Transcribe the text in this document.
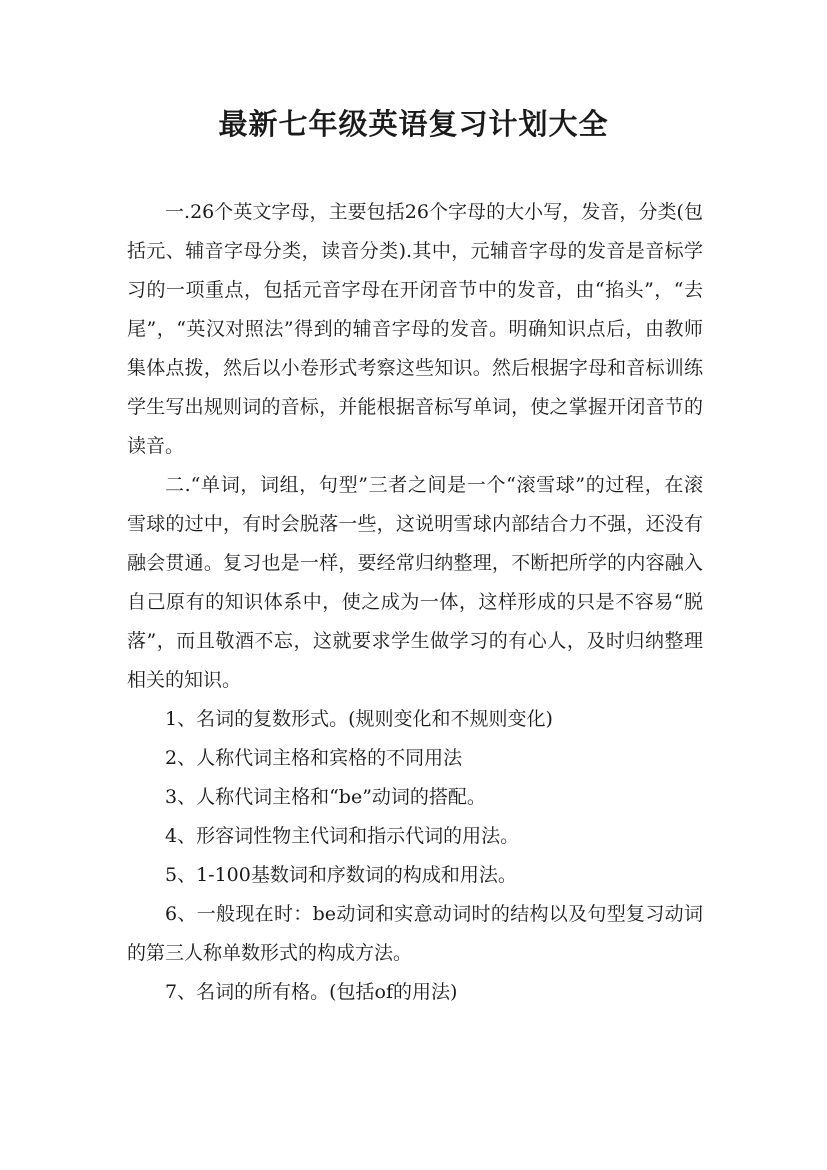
最新七年级英语复习计划大全

一.26个英文字母，主要包括26个字母的大小写，发音，分类(包括元、辅音字母分类，读音分类).其中，元辅音字母的发音是音标学习的一项重点，包括元音字母在开闭音节中的发音，由“掐头”，“去尾”，“英汉对照法”得到的辅音字母的发音。明确知识点后，由教师集体点拨，然后以小卷形式考察这些知识。然后根据字母和音标训练学生写出规则词的音标，并能根据音标写单词，使之掌握开闭音节的读音。

二.“单词，词组，句型”三者之间是一个“滚雪球”的过程，在滚雪球的过中，有时会脱落一些，这说明雪球内部结合力不强，还没有融会贯通。复习也是一样，要经常归纳整理，不断把所学的内容融入自己原有的知识体系中，使之成为一体，这样形成的只是不容易“脱落”，而且敬酒不忘，这就要求学生做学习的有心人，及时归纳整理相关的知识。

1、名词的复数形式。(规则变化和不规则变化)

2、人称代词主格和宾格的不同用法

3、人称代词主格和“be”动词的搭配。

4、形容词性物主代词和指示代词的用法。

5、1-100基数词和序数词的构成和用法。

6、一般现在时：be动词和实意动词时的结构以及句型复习动词的第三人称单数形式的构成方法。

7、名词的所有格。(包括of的用法)
